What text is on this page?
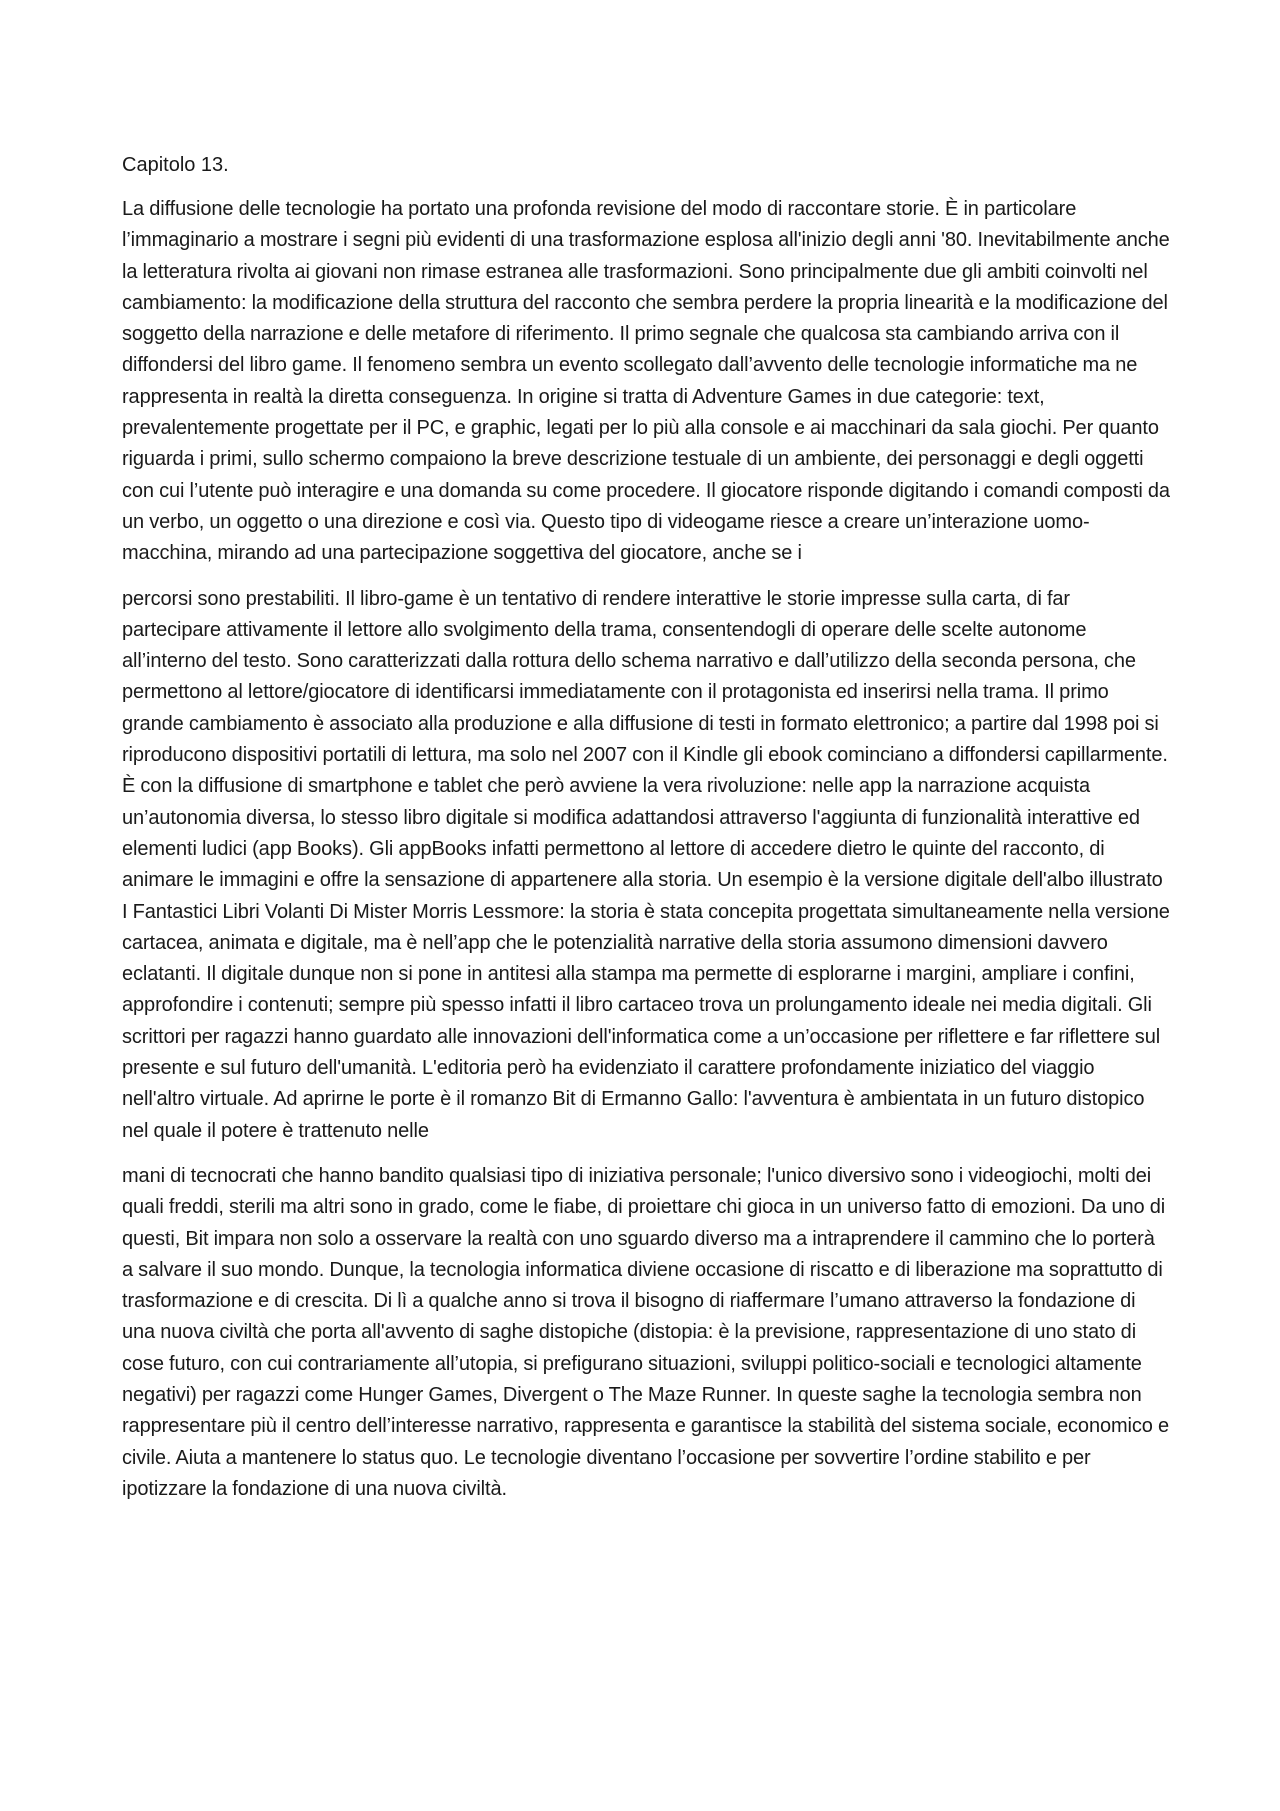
Capitolo 13.

La diffusione delle tecnologie ha portato una profonda revisione del modo di raccontare storie. È in particolare l’immaginario a mostrare i segni più evidenti di una trasformazione esplosa all'inizio degli anni '80. Inevitabilmente anche la letteratura rivolta ai giovani non rimase estranea alle trasformazioni. Sono principalmente due gli ambiti coinvolti nel cambiamento: la modificazione della struttura del racconto che sembra perdere la propria linearità e la modificazione del soggetto della narrazione e delle metafore di riferimento. Il primo segnale che qualcosa sta cambiando arriva con il diffondersi del libro game. Il fenomeno sembra un evento scollegato dall’avvento delle tecnologie informatiche ma ne rappresenta in realtà la diretta conseguenza. In origine si tratta di Adventure Games in due categorie: text, prevalentemente progettate per il PC, e graphic, legati per lo più alla console e ai macchinari da sala giochi. Per quanto riguarda i primi, sullo schermo compaiono la breve descrizione testuale di un ambiente, dei personaggi e degli oggetti con cui l’utente può interagire e una domanda su come procedere. Il giocatore risponde digitando i comandi composti da un verbo, un oggetto o una direzione e così via. Questo tipo di videogame riesce a creare un’interazione uomo- macchina, mirando ad una partecipazione soggettiva del giocatore, anche se i

percorsi sono prestabiliti. Il libro-game è un tentativo di rendere interattive le storie impresse sulla carta, di far partecipare attivamente il lettore allo svolgimento della trama, consentendogli di operare delle scelte autonome all’interno del testo. Sono caratterizzati dalla rottura dello schema narrativo e dall’utilizzo della seconda persona, che permettono al lettore/giocatore di identificarsi immediatamente con il protagonista ed inserirsi nella trama. Il primo grande cambiamento è associato alla produzione e alla diffusione di testi in formato elettronico; a partire dal 1998 poi si riproducono dispositivi portatili di lettura, ma solo nel 2007 con il Kindle gli ebook cominciano a diffondersi capillarmente. È con la diffusione di smartphone e tablet che però avviene la vera rivoluzione: nelle app la narrazione acquista un’autonomia diversa, lo stesso libro digitale si modifica adattandosi attraverso l'aggiunta di funzionalità interattive ed elementi ludici (app Books). Gli appBooks infatti permettono al lettore di accedere dietro le quinte del racconto, di animare le immagini e offre la sensazione di appartenere alla storia. Un esempio è la versione digitale dell'albo illustrato I Fantastici Libri Volanti Di Mister Morris Lessmore: la storia è stata concepita progettata simultaneamente nella versione cartacea, animata e digitale, ma è nell’app che le potenzialità narrative della storia assumono dimensioni davvero eclatanti. Il digitale dunque non si pone in antitesi alla stampa ma permette di esplorarne i margini, ampliare i confini, approfondire i contenuti; sempre più spesso infatti il libro cartaceo trova un prolungamento ideale nei media digitali. Gli scrittori per ragazzi hanno guardato alle innovazioni dell'informatica come a un’occasione per riflettere e far riflettere sul presente e sul futuro dell'umanità. L'editoria però ha evidenziato il carattere profondamente iniziatico del viaggio nell'altro virtuale. Ad aprirne le porte è il romanzo Bit di Ermanno Gallo: l'avventura è ambientata in un futuro distopico nel quale il potere è trattenuto nelle

mani di tecnocrati che hanno bandito qualsiasi tipo di iniziativa personale; l'unico diversivo sono i videogiochi, molti dei quali freddi, sterili ma altri sono in grado, come le fiabe, di proiettare chi gioca in un universo fatto di emozioni. Da uno di questi, Bit impara non solo a osservare la realtà con uno sguardo diverso ma a intraprendere il cammino che lo porterà a salvare il suo mondo. Dunque, la tecnologia informatica diviene occasione di riscatto e di liberazione ma soprattutto di trasformazione e di crescita. Di lì a qualche anno si trova il bisogno di riaffermare l’umano attraverso la fondazione di una nuova civiltà che porta all'avvento di saghe distopiche (distopia: è la previsione, rappresentazione di uno stato di cose futuro, con cui contrariamente all’utopia, si prefigurano situazioni, sviluppi politico-sociali e tecnologici altamente negativi) per ragazzi come Hunger Games, Divergent o The Maze Runner. In queste saghe la tecnologia sembra non rappresentare più il centro dell’interesse narrativo, rappresenta e garantisce la stabilità del sistema sociale, economico e civile. Aiuta a mantenere lo status quo. Le tecnologie diventano l’occasione per sovvertire l’ordine stabilito e per ipotizzare la fondazione di una nuova civiltà.
